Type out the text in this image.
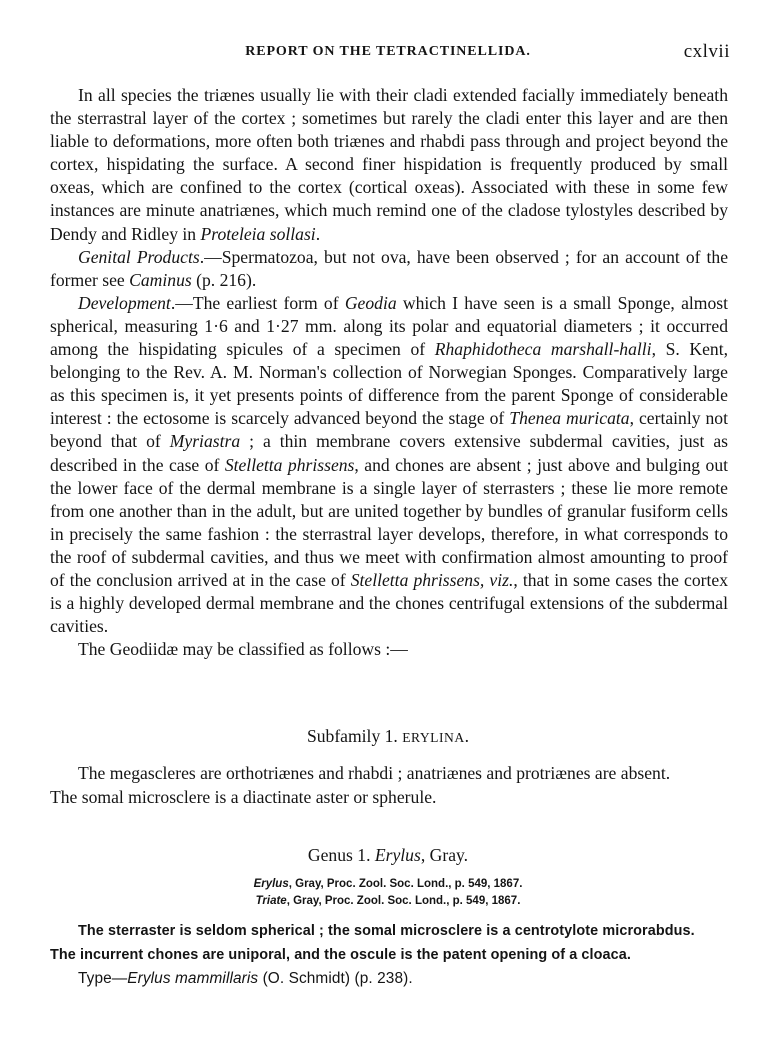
REPORT ON THE TETRACTINELLIDA.	cxlvii

In all species the triænes usually lie with their cladi extended facially immediately beneath the sterrastral layer of the cortex ; sometimes but rarely the cladi enter this layer and are then liable to deformations, more often both triænes and rhabdi pass through and project beyond the cortex, hispidating the surface. A second finer hispidation is frequently produced by small oxeas, which are confined to the cortex (cortical oxeas). Associated with these in some few instances are minute anatriænes, which much remind one of the cladose tylostyles described by Dendy and Ridley in Proteleia sollasi.

Genital Products.—Spermatozoa, but not ova, have been observed ; for an account of the former see Caminus (p. 216).

Development.—The earliest form of Geodia which I have seen is a small Sponge, almost spherical, measuring 1·6 and 1·27 mm. along its polar and equatorial diameters ; it occurred among the hispidating spicules of a specimen of Rhaphidotheca marshall-halli, S. Kent, belonging to the Rev. A. M. Norman's collection of Norwegian Sponges. Comparatively large as this specimen is, it yet presents points of difference from the parent Sponge of considerable interest : the ectosome is scarcely advanced beyond the stage of Thenea muricata, certainly not beyond that of Myriastra ; a thin membrane covers extensive subdermal cavities, just as described in the case of Stelletta phrissens, and chones are absent ; just above and bulging out the lower face of the dermal membrane is a single layer of sterrasters ; these lie more remote from one another than in the adult, but are united together by bundles of granular fusiform cells in precisely the same fashion : the sterrastral layer develops, therefore, in what corresponds to the roof of subdermal cavities, and thus we meet with confirmation almost amounting to proof of the conclusion arrived at in the case of Stelletta phrissens, viz., that in some cases the cortex is a highly developed dermal membrane and the chones centrifugal extensions of the subdermal cavities.

The Geodiidæ may be classified as follows :—

Subfamily 1. ERYLINA.

The megascleres are orthotriænes and rhabdi ; anatriænes and protriænes are absent.

The somal microsclere is a diactinate aster or spherule.
Genus 1. Erylus, Gray.
Erylus, Gray, Proc. Zool. Soc. Lond., p. 549, 1867.
Triate, Gray, Proc. Zool. Soc. Lond., p. 549, 1867.

The sterraster is seldom spherical ; the somal microsclere is a centrotylote microrabdus.

The incurrent chones are uniporal, and the oscule is the patent opening of a cloaca.

Type—Erylus mammillaris (O. Schmidt) (p. 238).
